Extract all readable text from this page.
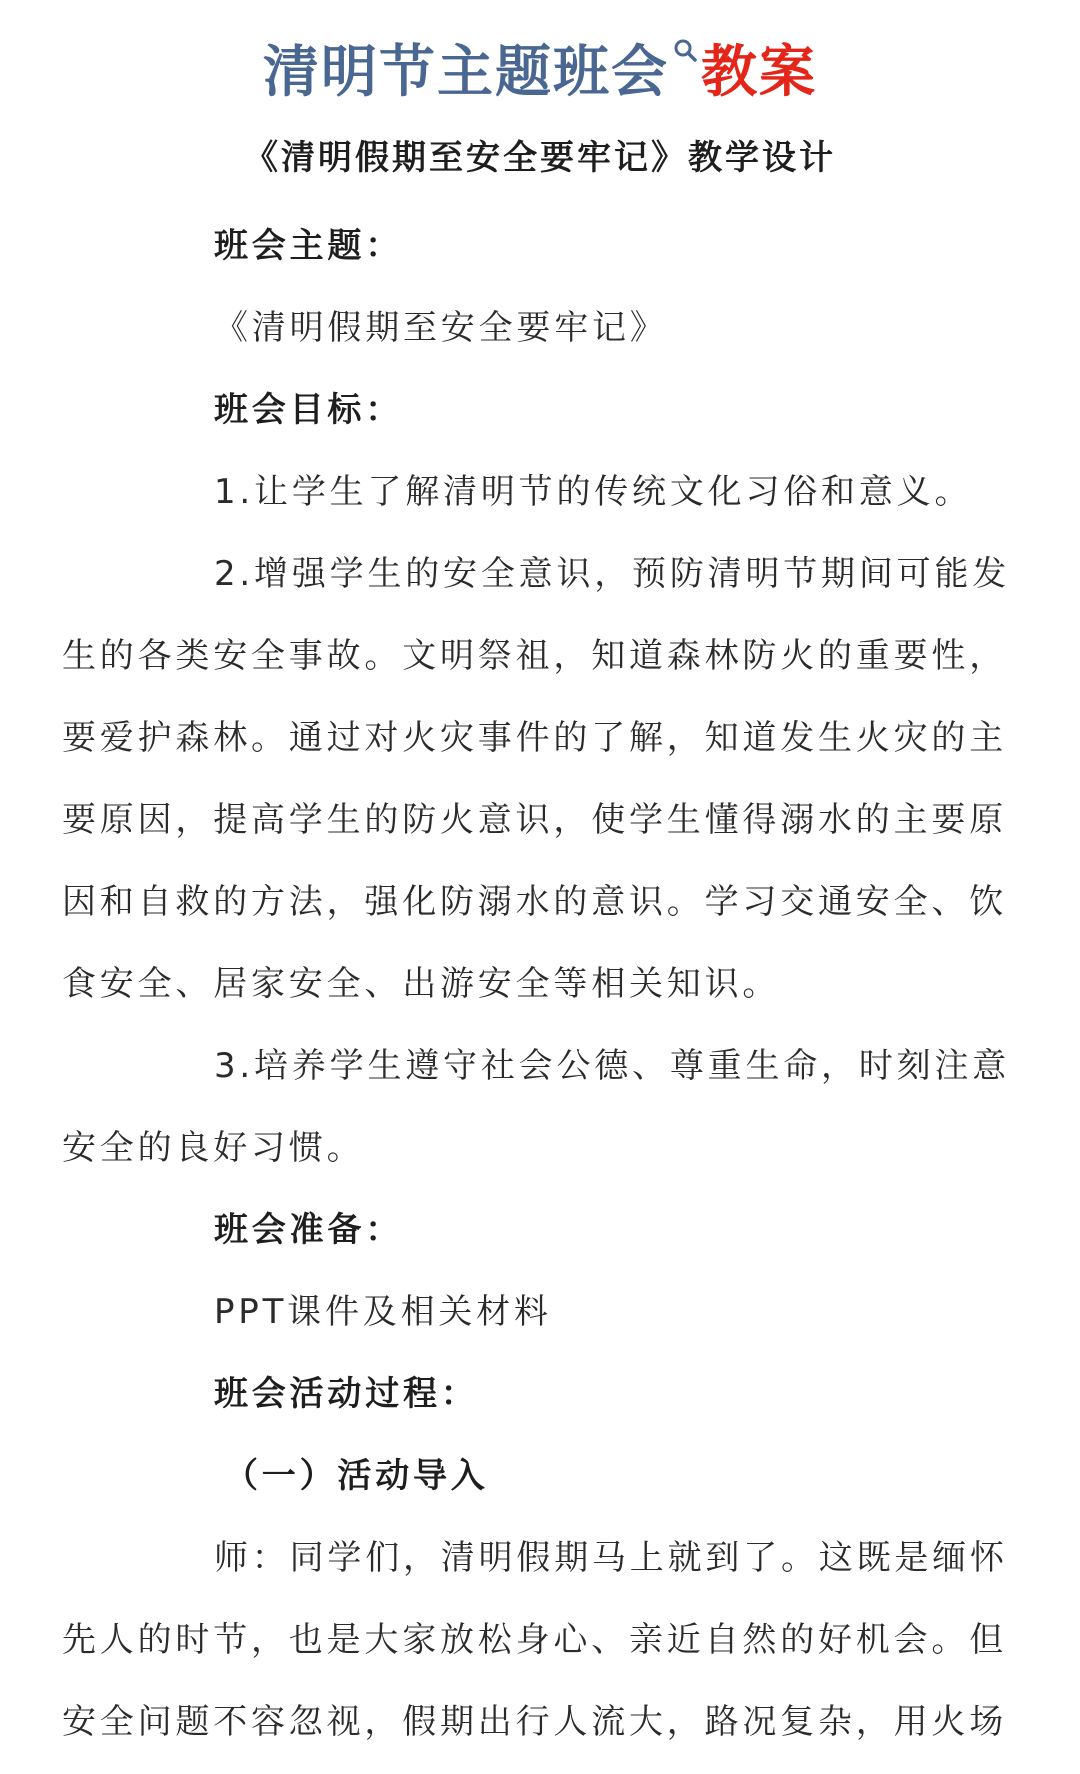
清明节主题班会 教案
《清明假期至安全要牢记》教学设计

班会主题：

《清明假期至安全要牢记》

班会目标：

1.让学生了解清明节的传统文化习俗和意义。

2.增强学生的安全意识，预防清明节期间可能发生的各类安全事故。文明祭祖，知道森林防火的重要性，要爱护森林。通过对火灾事件的了解，知道发生火灾的主要原因，提高学生的防火意识，使学生懂得溺水的主要原因和自救的方法，强化防溺水的意识。学习交通安全、饮食安全、居家安全、出游安全等相关知识。

3.培养学生遵守社会公德、尊重生命，时刻注意安全的良好习惯。

班会准备：

PPT课件及相关材料

班会活动过程：

（一）活动导入

师：同学们，清明假期马上就到了。这既是缅怀先人的时节，也是大家放松身心、亲近自然的好机会。但安全问题不容忽视，假期出行人流大，路况复杂，用火场
